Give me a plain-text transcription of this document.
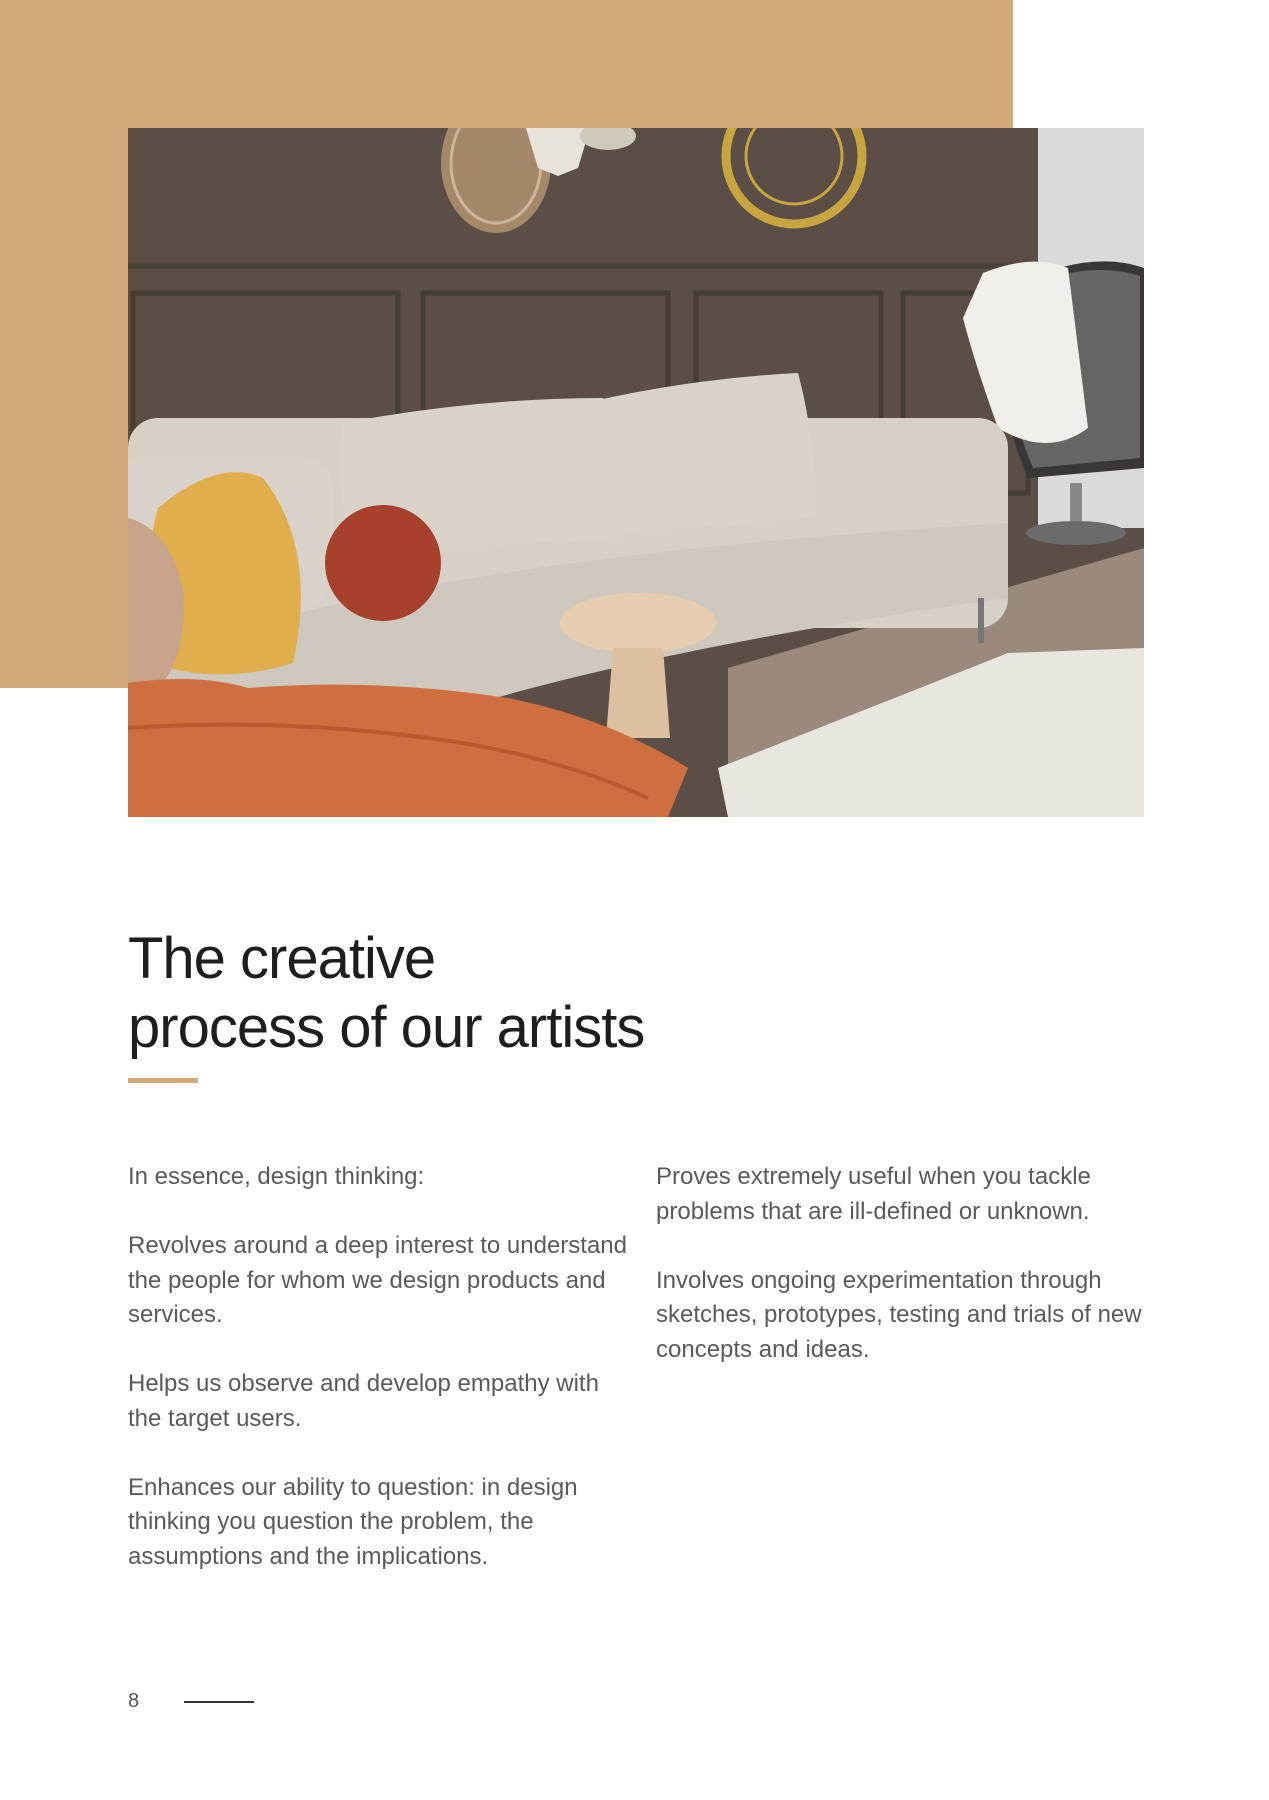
The creative
process of our artists

In essence, design thinking:

Revolves around a deep interest to understand the people for whom we design products and services.

Helps us observe and develop empathy with the target users.

Enhances our ability to question: in design thinking you question the problem, the assumptions and the implications.

Proves extremely useful when you tackle problems that are ill-defined or unknown.

Involves ongoing experimentation through sketches, prototypes, testing and trials of new concepts and ideas.

8
